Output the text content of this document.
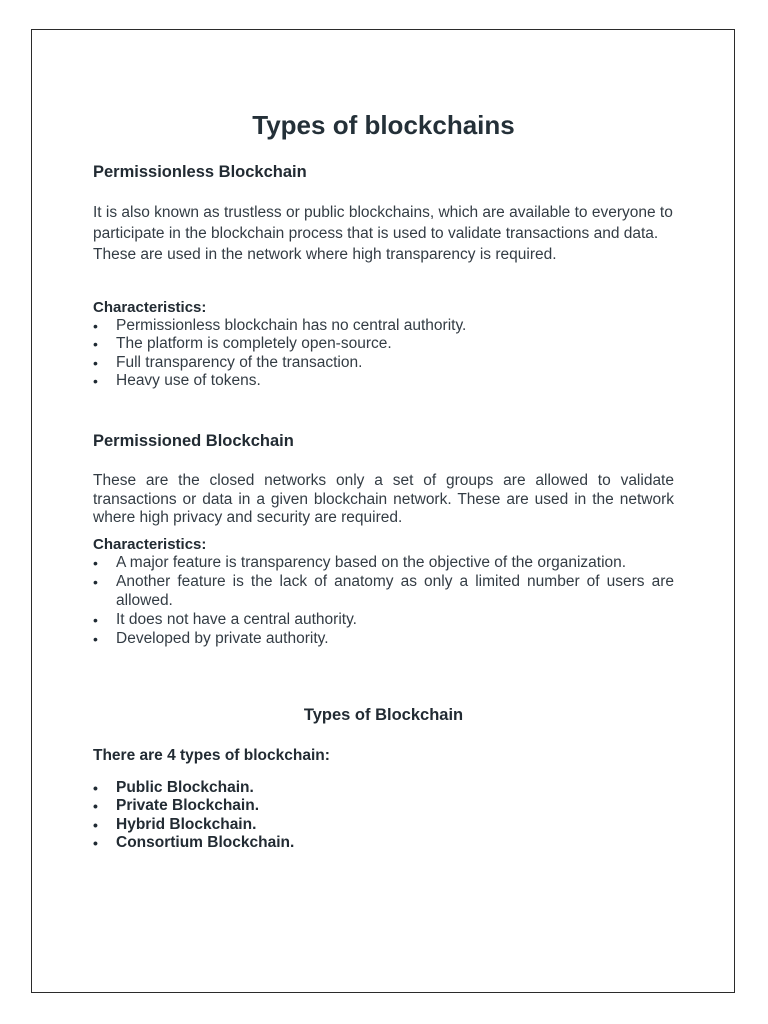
Types of blockchains
Permissionless Blockchain

It is also known as trustless or public blockchains, which are available to everyone to participate in the blockchain process that is used to validate transactions and data. These are used in the network where high transparency is required.

Characteristics:

• Permissionless blockchain has no central authority.
• The platform is completely open-source.
• Full transparency of the transaction.
• Heavy use of tokens.
Permissioned Blockchain

These are the closed networks only a set of groups are allowed to validate transactions or data in a given blockchain network. These are used in the network where high privacy and security are required.

Characteristics:

• A major feature is transparency based on the objective of the organization.
• Another feature is the lack of anatomy as only a limited number of users are allowed.
• It does not have a central authority.
• Developed by private authority.
Types of Blockchain

There are 4 types of blockchain:

• Public Blockchain.
• Private Blockchain.
• Hybrid Blockchain.
• Consortium Blockchain.
